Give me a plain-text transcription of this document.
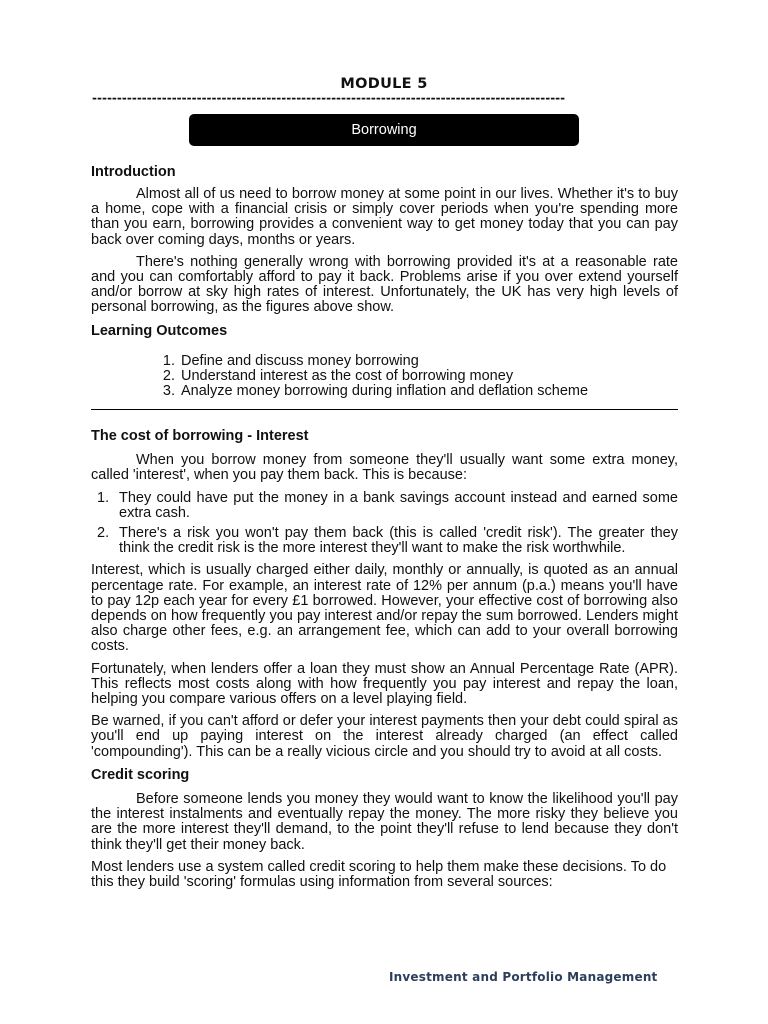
MODULE 5
-----------------------------------------------------------------------------------------------
Borrowing
Introduction

Almost all of us need to borrow money at some point in our lives. Whether it's to buy a home, cope with a financial crisis or simply cover periods when you're spending more than you earn, borrowing provides a convenient way to get money today that you can pay back over coming days, months or years.

There's nothing generally wrong with borrowing provided it's at a reasonable rate and you can comfortably afford to pay it back. Problems arise if you over extend yourself and/or borrow at sky high rates of interest. Unfortunately, the UK has very high levels of personal borrowing, as the figures above show.

Learning Outcomes
1. Define and discuss money borrowing
2. Understand interest as the cost of borrowing money
3. Analyze money borrowing during inflation and deflation scheme
The cost of borrowing - Interest

When you borrow money from someone they'll usually want some extra money, called 'interest', when you pay them back. This is because:

1. They could have put the money in a bank savings account instead and earned some extra cash.
2. There's a risk you won't pay them back (this is called 'credit risk'). The greater they think the credit risk is the more interest they'll want to make the risk worthwhile.

Interest, which is usually charged either daily, monthly or annually, is quoted as an annual percentage rate. For example, an interest rate of 12% per annum (p.a.) means you'll have to pay 12p each year for every £1 borrowed. However, your effective cost of borrowing also depends on how frequently you pay interest and/or repay the sum borrowed. Lenders might also charge other fees, e.g. an arrangement fee, which can add to your overall borrowing costs.

Fortunately, when lenders offer a loan they must show an Annual Percentage Rate (APR). This reflects most costs along with how frequently you pay interest and repay the loan, helping you compare various offers on a level playing field.

Be warned, if you can't afford or defer your interest payments then your debt could spiral as you'll end up paying interest on the interest already charged (an effect called 'compounding'). This can be a really vicious circle and you should try to avoid at all costs.

Credit scoring

Before someone lends you money they would want to know the likelihood you'll pay the interest instalments and eventually repay the money. The more risky they believe you are the more interest they'll demand, to the point they'll refuse to lend because they don't think they'll get their money back.

Most lenders use a system called credit scoring to help them make these decisions. To do this they build 'scoring' formulas using information from several sources:

Investment and Portfolio Management
